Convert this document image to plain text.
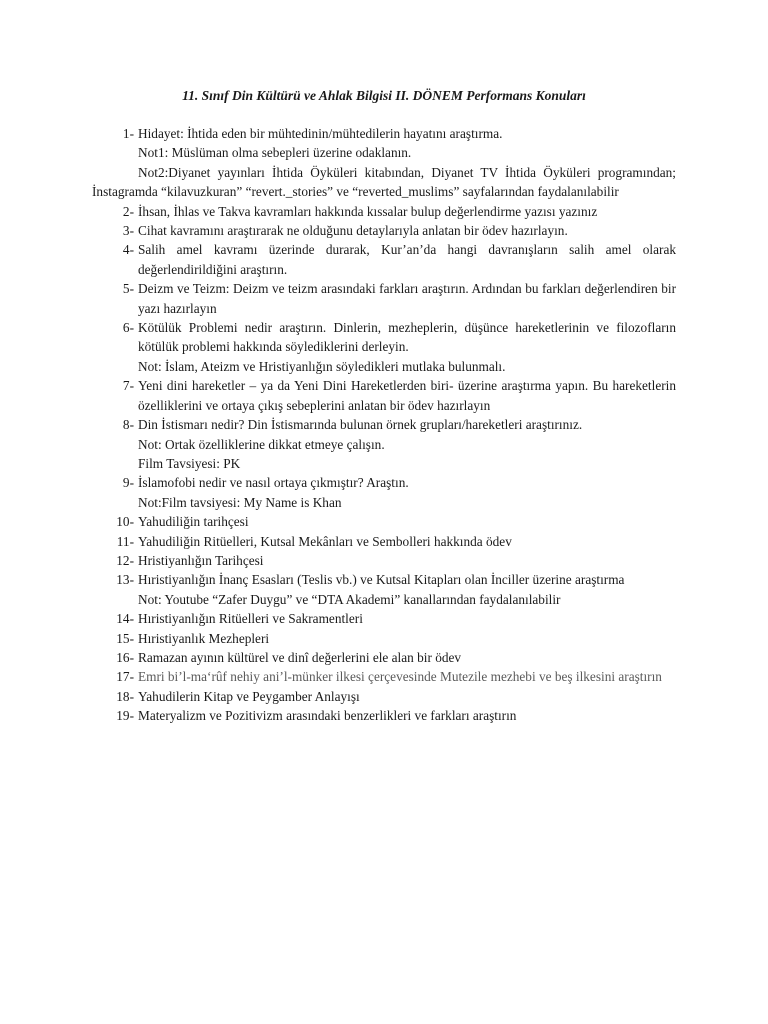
11. Sınıf Din Kültürü ve Ahlak Bilgisi II. DÖNEM Performans Konuları

1- Hidayet: İhtida eden bir mühtedinin/mühtedilerin hayatını araştırma.

Not1: Müslüman olma sebepleri üzerine odaklanın.

Not2:Diyanet yayınları İhtida Öyküleri kitabından, Diyanet TV İhtida Öyküleri programından; İnstagramda “kilavuzkuran” “revert._stories” ve “reverted_muslims” sayfalarından faydalanılabilir

2- İhsan, İhlas ve Takva kavramları hakkında kıssalar bulup değerlendirme yazısı yazınız

3- Cihat kavramını araştırarak ne olduğunu detaylarıyla anlatan bir ödev hazırlayın.

4- Salih amel kavramı üzerinde durarak, Kur’an’da hangi davranışların salih amel olarak değerlendirildiğini araştırın.

5- Deizm ve Teizm: Deizm ve teizm arasındaki farkları araştırın. Ardından bu farkları değerlendiren bir yazı hazırlayın

6- Kötülük Problemi nedir araştırın. Dinlerin, mezheplerin, düşünce hareketlerinin ve filozofların kötülük problemi hakkında söylediklerini derleyin.

Not: İslam, Ateizm ve Hristiyanlığın söyledikleri mutlaka bulunmalı.

7- Yeni dini hareketler – ya da Yeni Dini Hareketlerden biri- üzerine araştırma yapın. Bu hareketlerin özelliklerini ve ortaya çıkış sebeplerini anlatan bir ödev hazırlayın

8- Din İstismarı nedir? Din İstismarında bulunan örnek grupları/hareketleri araştırınız.

Not: Ortak özelliklerine dikkat etmeye çalışın.

Film Tavsiyesi: PK

9- İslamofobi nedir ve nasıl ortaya çıkmıştır? Araştın.

Not:Film tavsiyesi: My Name is Khan

10- Yahudiliğin tarihçesi

11- Yahudiliğin Ritüelleri, Kutsal Mekânları ve Sembolleri hakkında ödev

12- Hristiyanlığın Tarihçesi

13- Hıristiyanlığın İnanç Esasları (Teslis vb.) ve Kutsal Kitapları olan İnciller üzerine araştırma

Not: Youtube “Zafer Duygu” ve “DTA Akademi” kanallarından faydalanılabilir

14- Hıristiyanlığın Ritüelleri ve Sakramentleri

15- Hıristiyanlık Mezhepleri

16- Ramazan ayının kültürel ve dinî değerlerini ele alan bir ödev

17- Emri bi’l-ma‘rûf nehiy ani’l-münker ilkesi çerçevesinde Mutezile mezhebi ve beş ilkesini araştırın

18- Yahudilerin Kitap ve Peygamber Anlayışı

19- Materyalizm ve Pozitivizm arasındaki benzerlikleri ve farkları araştırın
